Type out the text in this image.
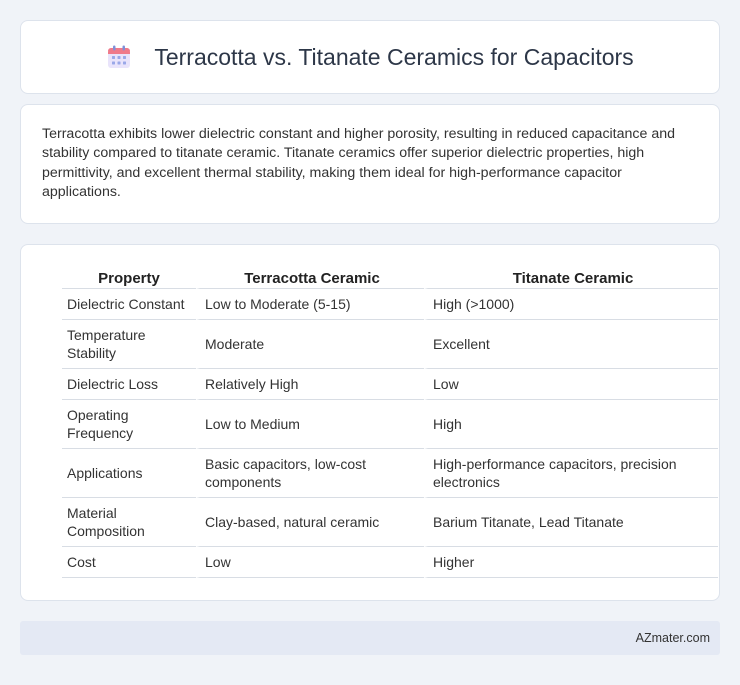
Terracotta vs. Titanate Ceramics for Capacitors

Terracotta exhibits lower dielectric constant and higher porosity, resulting in reduced capacitance and stability compared to titanate ceramic. Titanate ceramics offer superior dielectric properties, high permittivity, and excellent thermal stability, making them ideal for high-performance capacitor applications.

Property	Terracotta Ceramic	Titanate Ceramic
Dielectric Constant	Low to Moderate (5-15)	High (>1000)
Temperature Stability	Moderate	Excellent
Dielectric Loss	Relatively High	Low
Operating Frequency	Low to Medium	High
Applications	Basic capacitors, low-cost components	High-performance capacitors, precision electronics
Material Composition	Clay-based, natural ceramic	Barium Titanate, Lead Titanate
Cost	Low	Higher
AZmater.com
